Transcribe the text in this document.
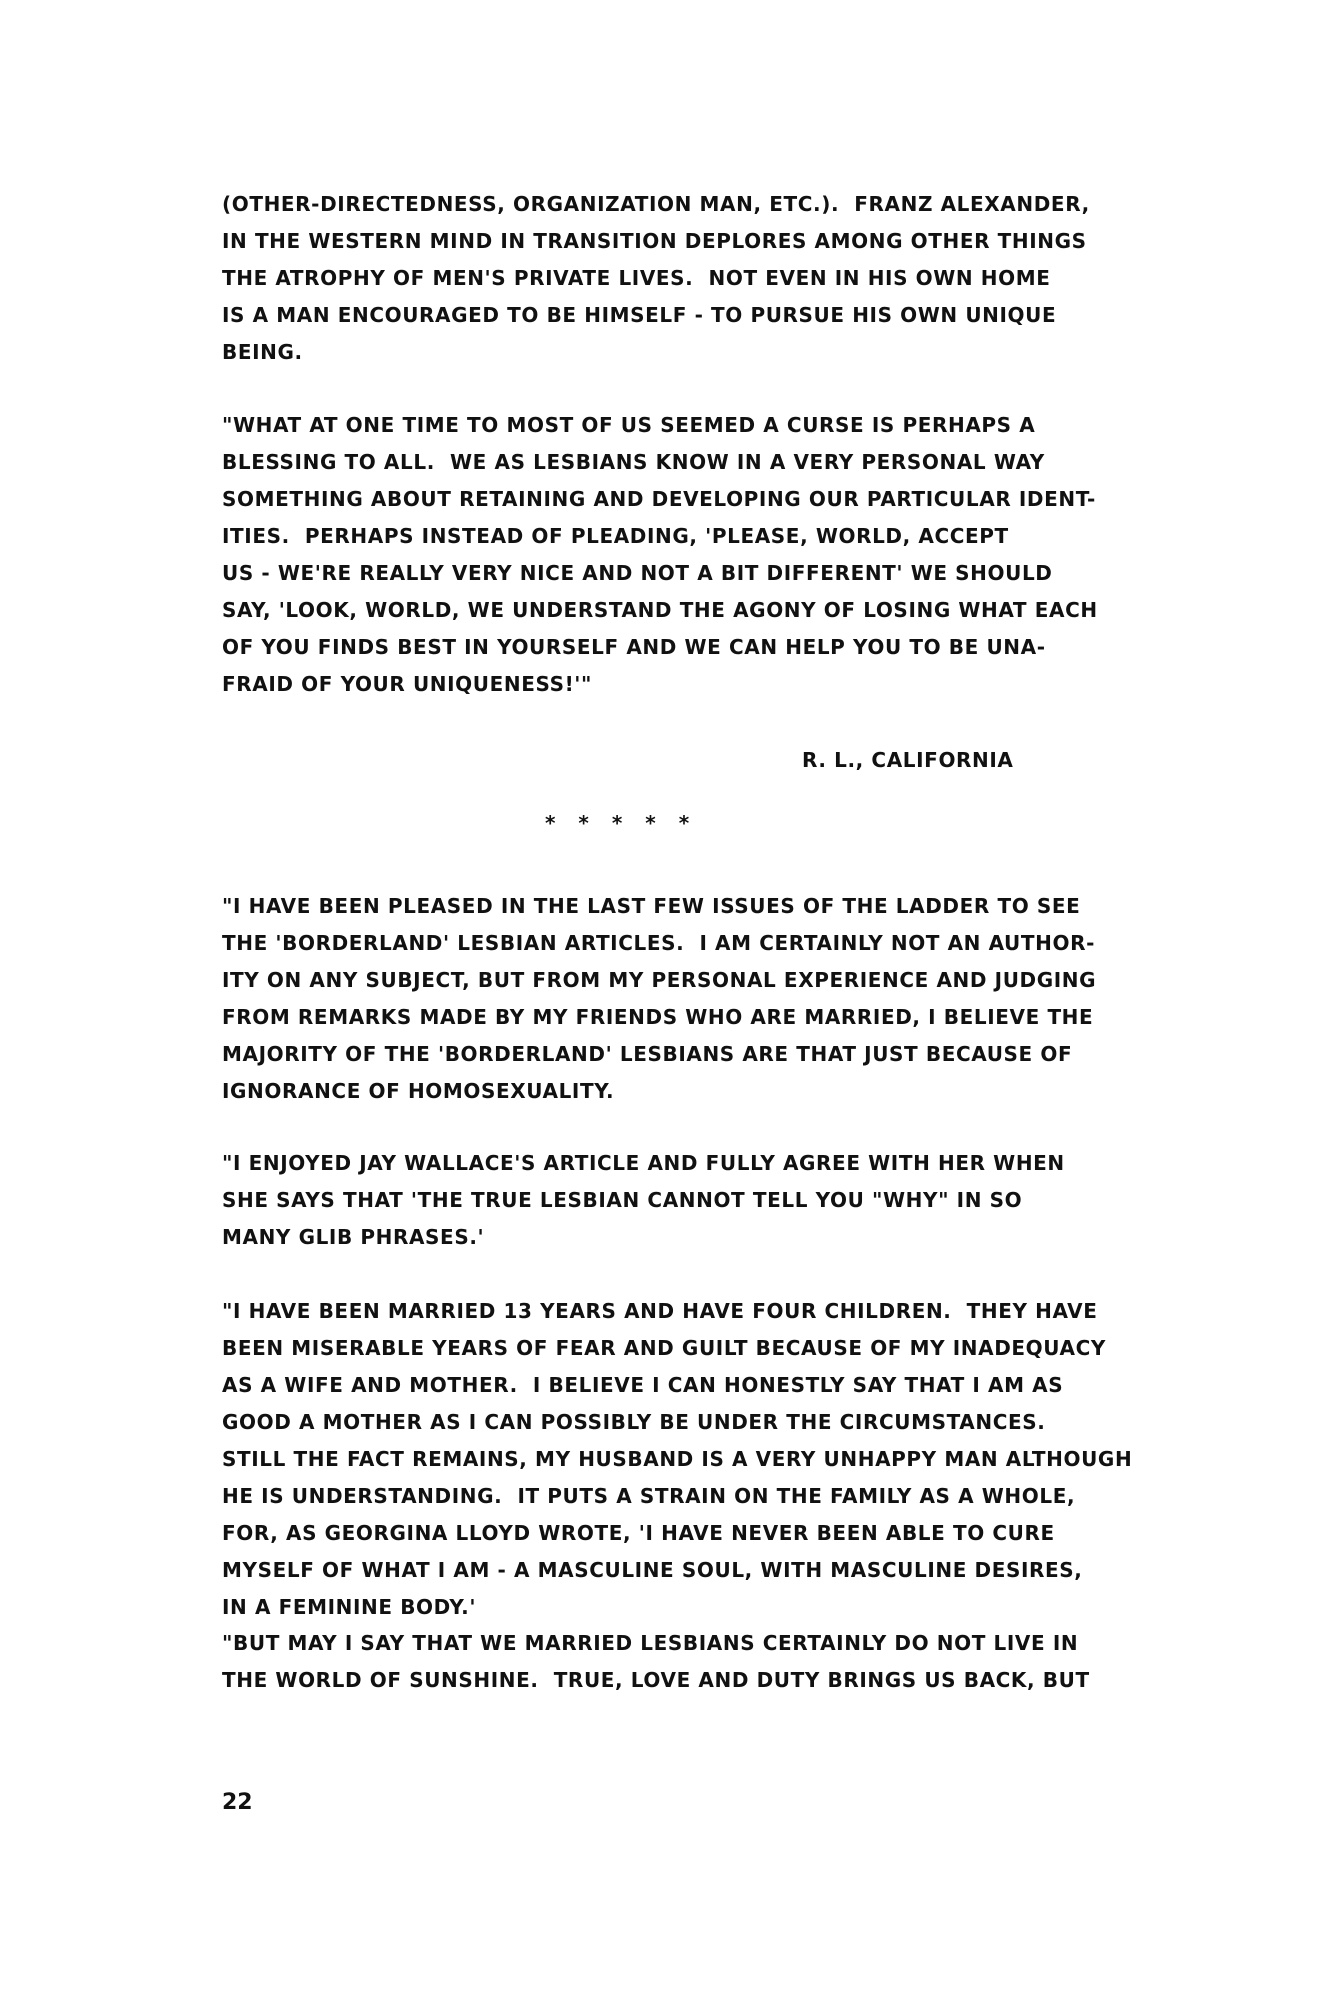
(OTHER-DIRECTEDNESS, ORGANIZATION MAN, ETC.).  FRANZ ALEXANDER,
IN THE WESTERN MIND IN TRANSITION DEPLORES AMONG OTHER THINGS
THE ATROPHY OF MEN'S PRIVATE LIVES.  NOT EVEN IN HIS OWN HOME
IS A MAN ENCOURAGED TO BE HIMSELF - TO PURSUE HIS OWN UNIQUE
BEING.
"WHAT AT ONE TIME TO MOST OF US SEEMED A CURSE IS PERHAPS A
BLESSING TO ALL.  WE AS LESBIANS KNOW IN A VERY PERSONAL WAY
SOMETHING ABOUT RETAINING AND DEVELOPING OUR PARTICULAR IDENT-
ITIES.  PERHAPS INSTEAD OF PLEADING, 'PLEASE, WORLD, ACCEPT
US - WE'RE REALLY VERY NICE AND NOT A BIT DIFFERENT' WE SHOULD
SAY, 'LOOK, WORLD, WE UNDERSTAND THE AGONY OF LOSING WHAT EACH
OF YOU FINDS BEST IN YOURSELF AND WE CAN HELP YOU TO BE UNA-
FRAID OF YOUR UNIQUENESS!'"
R. L., CALIFORNIA
* * * * *
"I HAVE BEEN PLEASED IN THE LAST FEW ISSUES OF THE LADDER TO SEE
THE 'BORDERLAND' LESBIAN ARTICLES.  I AM CERTAINLY NOT AN AUTHOR-
ITY ON ANY SUBJECT, BUT FROM MY PERSONAL EXPERIENCE AND JUDGING
FROM REMARKS MADE BY MY FRIENDS WHO ARE MARRIED, I BELIEVE THE
MAJORITY OF THE 'BORDERLAND' LESBIANS ARE THAT JUST BECAUSE OF
IGNORANCE OF HOMOSEXUALITY.
"I ENJOYED JAY WALLACE'S ARTICLE AND FULLY AGREE WITH HER WHEN
SHE SAYS THAT 'THE TRUE LESBIAN CANNOT TELL YOU "WHY" IN SO
MANY GLIB PHRASES.'
"I HAVE BEEN MARRIED 13 YEARS AND HAVE FOUR CHILDREN.  THEY HAVE
BEEN MISERABLE YEARS OF FEAR AND GUILT BECAUSE OF MY INADEQUACY
AS A WIFE AND MOTHER.  I BELIEVE I CAN HONESTLY SAY THAT I AM AS
GOOD A MOTHER AS I CAN POSSIBLY BE UNDER THE CIRCUMSTANCES.
STILL THE FACT REMAINS, MY HUSBAND IS A VERY UNHAPPY MAN ALTHOUGH
HE IS UNDERSTANDING.  IT PUTS A STRAIN ON THE FAMILY AS A WHOLE,
FOR, AS GEORGINA LLOYD WROTE, 'I HAVE NEVER BEEN ABLE TO CURE
MYSELF OF WHAT I AM - A MASCULINE SOUL, WITH MASCULINE DESIRES,
IN A FEMININE BODY.'
"BUT MAY I SAY THAT WE MARRIED LESBIANS CERTAINLY DO NOT LIVE IN
THE WORLD OF SUNSHINE.  TRUE, LOVE AND DUTY BRINGS US BACK, BUT
22
